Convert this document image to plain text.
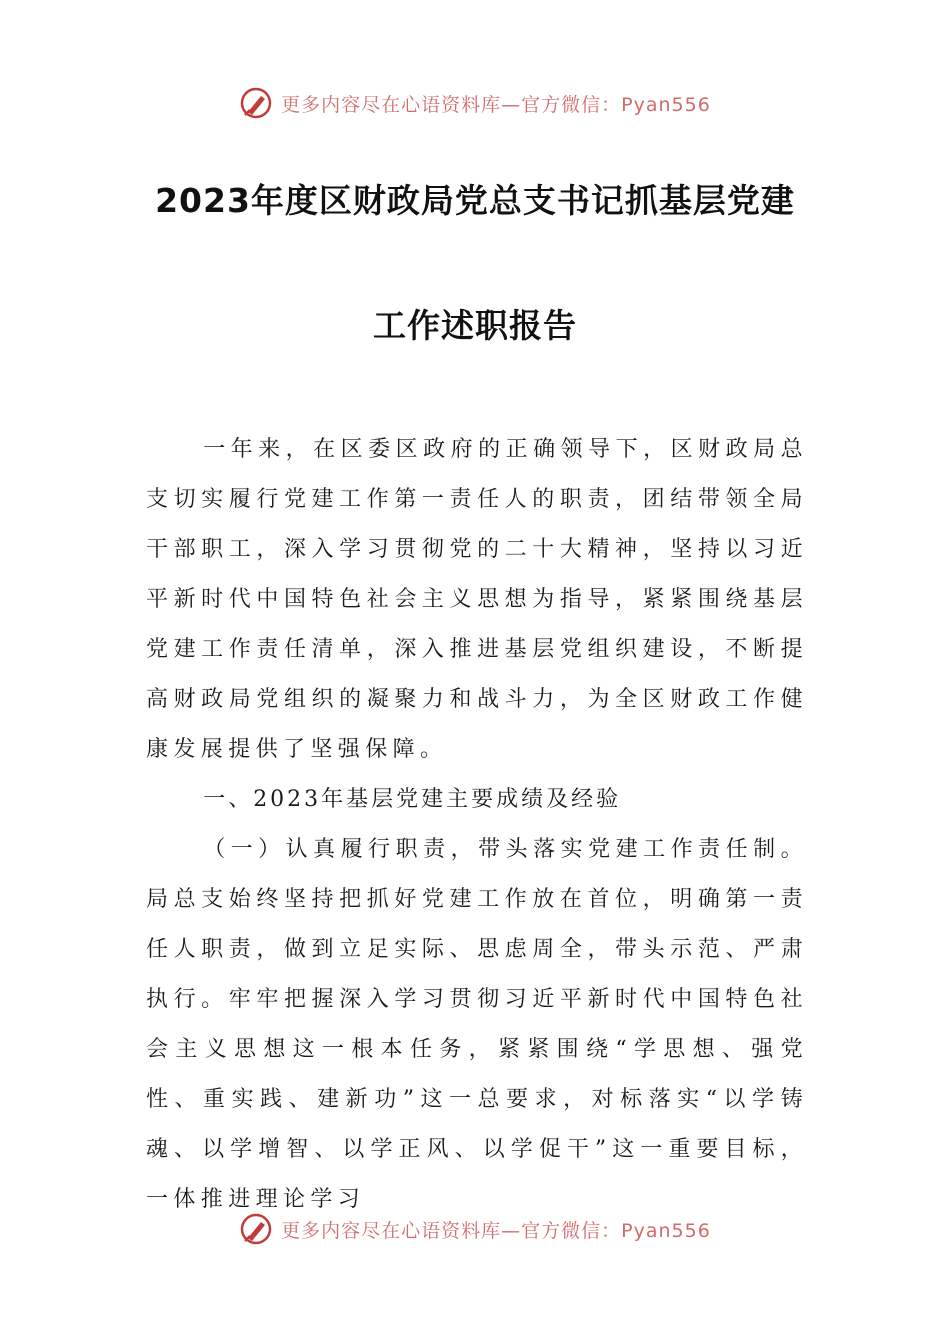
更多内容尽在心语资料库—官方微信：Pyan556
2023年度区财政局党总支书记抓基层党建
工作述职报告

一年来，在区委区政府的正确领导下，区财政局总支切实履行党建工作第一责任人的职责，团结带领全局干部职工，深入学习贯彻党的二十大精神，坚持以习近平新时代中国特色社会主义思想为指导，紧紧围绕基层党建工作责任清单，深入推进基层党组织建设，不断提高财政局党组织的凝聚力和战斗力，为全区财政工作健康发展提供了坚强保障。

一、2023年基层党建主要成绩及经验

（一）认真履行职责，带头落实党建工作责任制。局总支始终坚持把抓好党建工作放在首位，明确第一责任人职责，做到立足实际、思虑周全，带头示范、严肃执行。牢牢把握深入学习贯彻习近平新时代中国特色社会主义思想这一根本任务，紧紧围绕“学思想、强党性、重实践、建新功”这一总要求，对标落实“以学铸魂、以学增智、以学正风、以学促干”这一重要目标，一体推进理论学习

更多内容尽在心语资料库—官方微信：Pyan556
